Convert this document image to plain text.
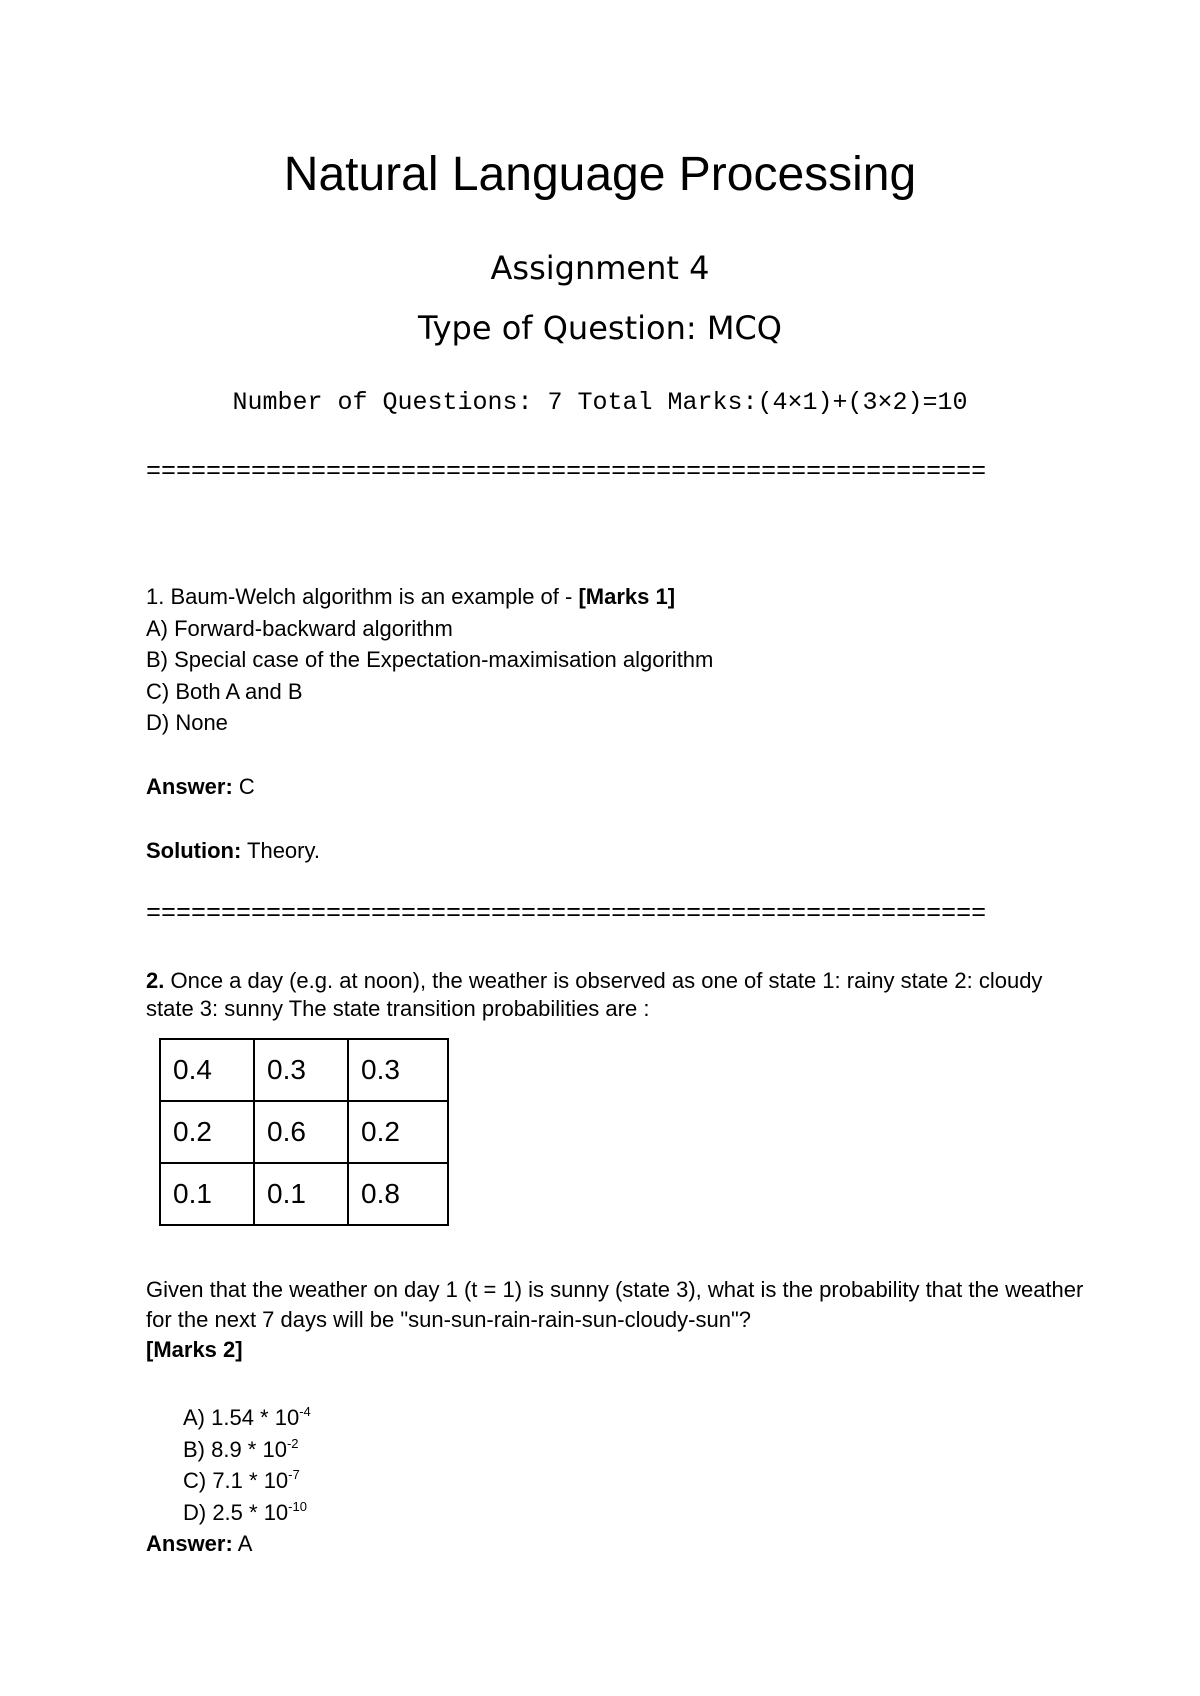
Natural Language Processing
Assignment 4
Type of Question: MCQ
Number of Questions: 7 Total Marks:(4×1)+(3×2)=10
========================================================
1. Baum-Welch algorithm is an example of - [Marks 1]
A) Forward-backward algorithm
B) Special case of the Expectation-maximisation algorithm
C) Both A and B
D) None
Answer: C
Solution: Theory.
========================================================
2. Once a day (e.g. at noon), the weather is observed as one of state 1: rainy state 2: cloudy state 3: sunny The state transition probabilities are :
0.4	0.3	0.3
0.2	0.6	0.2
0.1	0.1	0.8
Given that the weather on day 1 (t = 1) is sunny (state 3), what is the probability that the weather for the next 7 days will be "sun-sun-rain-rain-sun-cloudy-sun"?
[Marks 2]
A) $1.54 * 10^{-4}$
B) $8.9 * 10^{-2}$
C) $7.1 * 10^{-7}$
D) $2.5 * 10^{-10}$
Answer: A
